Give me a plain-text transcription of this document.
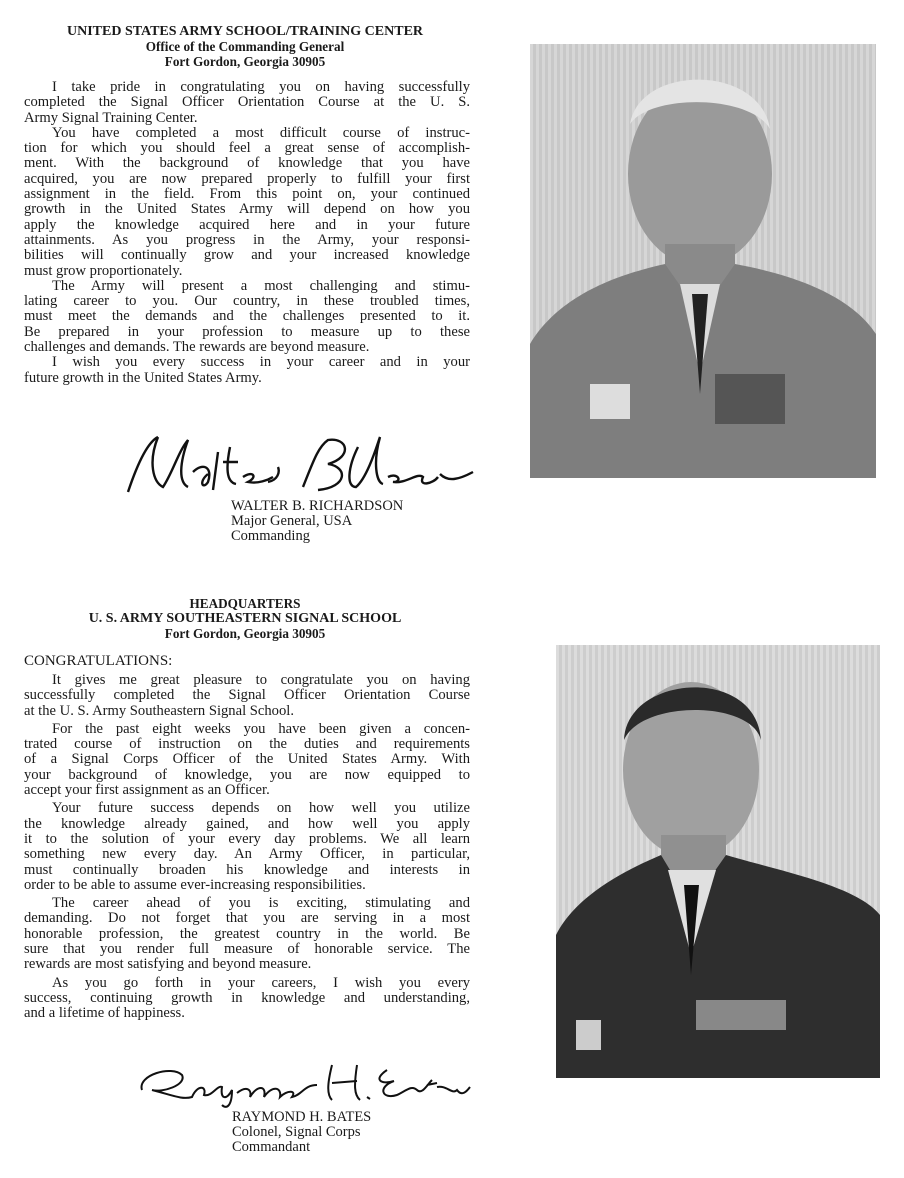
UNITED STATES ARMY SCHOOL/TRAINING CENTER
Office of the Commanding General
Fort Gordon, Georgia 30905
I take pride in congratulating you on having successfully
completed the Signal Officer Orientation Course at the U. S.
Army Signal Training Center.
You have completed a most difficult course of instruc-
tion for which you should feel a great sense of accomplish-
ment. With the background of knowledge that you have
acquired, you are now prepared properly to fulfill your first
assignment in the field. From this point on, your continued
growth in the United States Army will depend on how you
apply the knowledge acquired here and in your future
attainments. As you progress in the Army, your responsi-
bilities will continually grow and your increased knowledge
must grow proportionately.
The Army will present a most challenging and stimu-
lating career to you. Our country, in these troubled times,
must meet the demands and the challenges presented to it.
Be prepared in your profession to measure up to these
challenges and demands. The rewards are beyond measure.
I wish you every success in your career and in your
future growth in the United States Army.
WALTER B. RICHARDSON
Major General, USA
Commanding
HEADQUARTERS
U. S. ARMY SOUTHEASTERN SIGNAL SCHOOL
Fort Gordon, Georgia 30905
CONGRATULATIONS:
It gives me great pleasure to congratulate you on having
successfully completed the Signal Officer Orientation Course
at the U. S. Army Southeastern Signal School.
For the past eight weeks you have been given a concen-
trated course of instruction on the duties and requirements
of a Signal Corps Officer of the United States Army. With
your background of knowledge, you are now equipped to
accept your first assignment as an Officer.
Your future success depends on how well you utilize
the knowledge already gained, and how well you apply
it to the solution of your every day problems. We all learn
something new every day. An Army Officer, in particular,
must continually broaden his knowledge and interests in
order to be able to assume ever-increasing responsibilities.
The career ahead of you is exciting, stimulating and
demanding. Do not forget that you are serving in a most
honorable profession, the greatest country in the world. Be
sure that you render full measure of honorable service. The
rewards are most satisfying and beyond measure.
As you go forth in your careers, I wish you every
success, continuing growth in knowledge and understanding,
and a lifetime of happiness.
RAYMOND H. BATES
Colonel, Signal Corps
Commandant
